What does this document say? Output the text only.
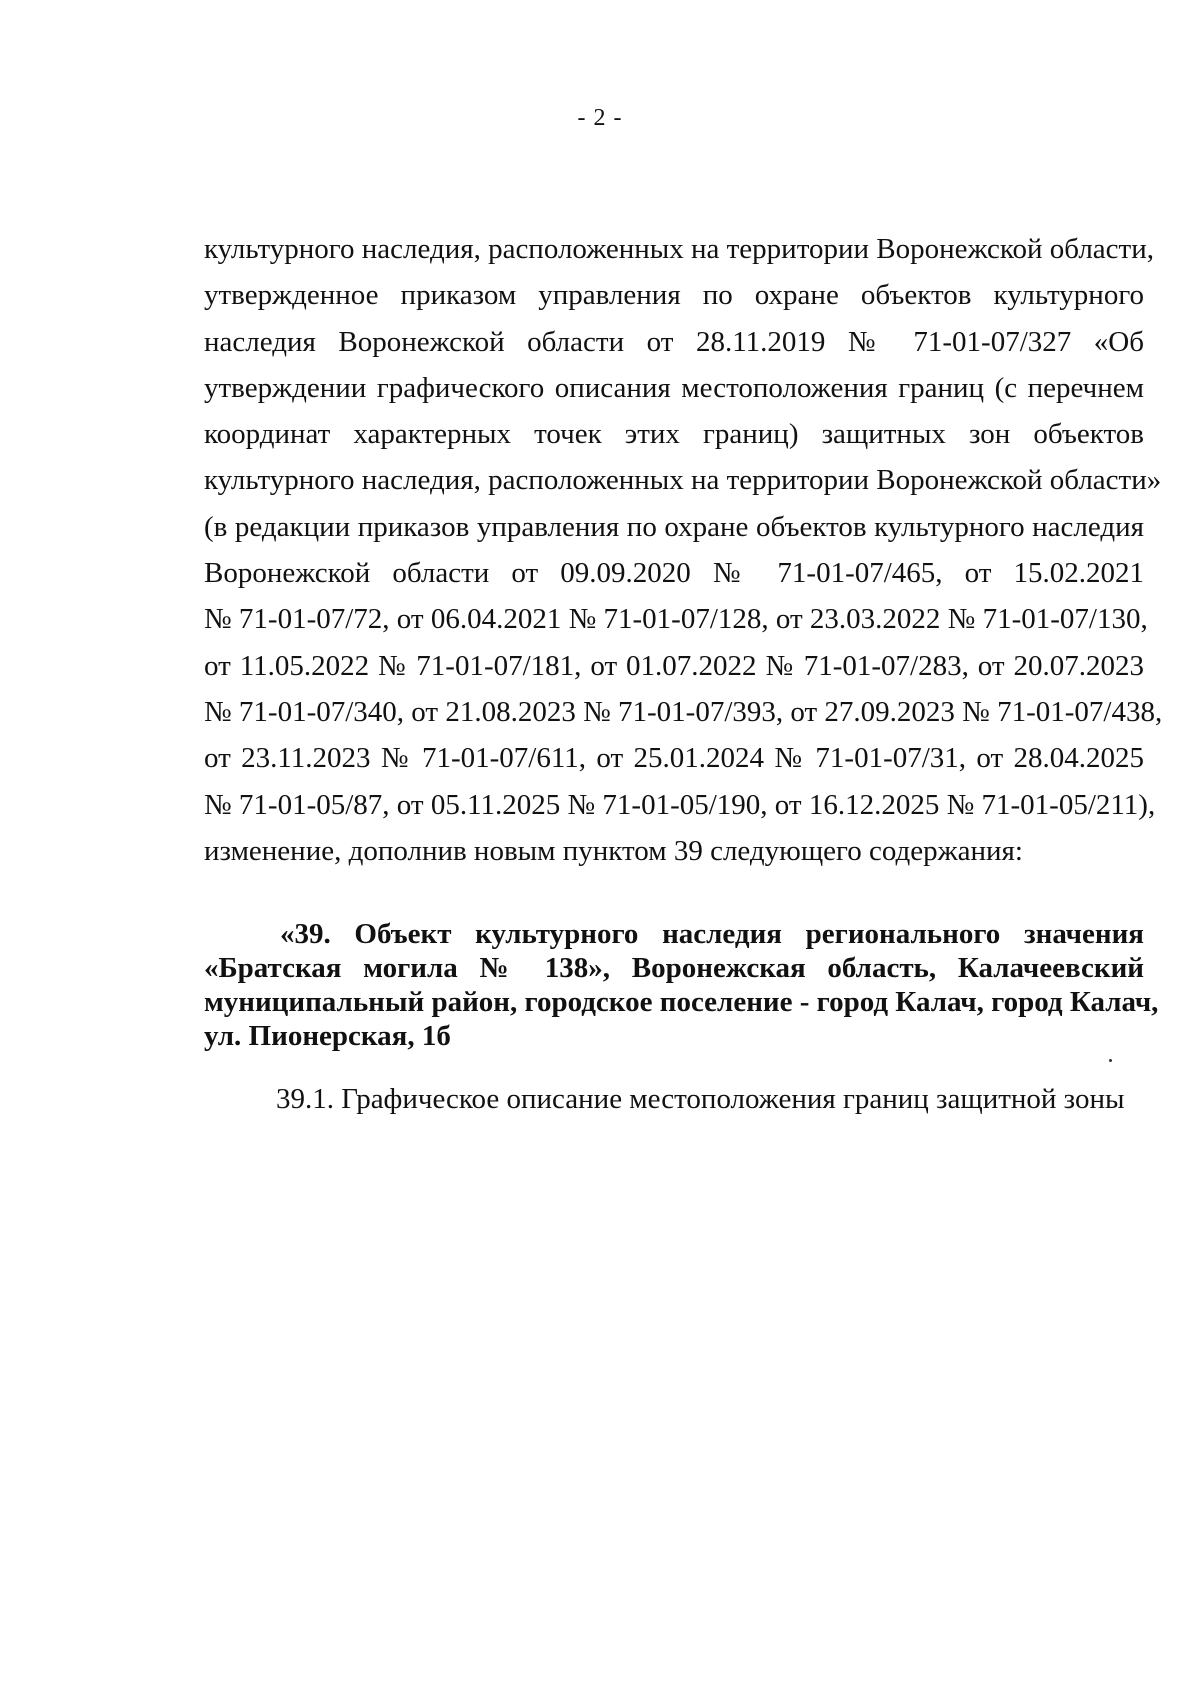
- 2 -
культурного наследия, расположенных на территории Воронежской области,
утвержденное приказом управления по охране объектов культурного
наследия Воронежской области от 28.11.2019 № 71-01-07/327 «Об
утверждении графического описания местоположения границ (с перечнем
координат характерных точек этих границ) защитных зон объектов
культурного наследия, расположенных на территории Воронежской области»
(в редакции приказов управления по охране объектов культурного наследия
Воронежской области от 09.09.2020 № 71-01-07/465, от 15.02.2021
№ 71-01-07/72, от 06.04.2021 № 71-01-07/128, от 23.03.2022 № 71-01-07/130,
от 11.05.2022 № 71-01-07/181, от 01.07.2022 № 71-01-07/283, от 20.07.2023
№ 71-01-07/340, от 21.08.2023 № 71-01-07/393, от 27.09.2023 № 71-01-07/438,
от 23.11.2023 № 71-01-07/611, от 25.01.2024 № 71-01-07/31, от 28.04.2025
№ 71-01-05/87, от 05.11.2025 № 71-01-05/190, от 16.12.2025 № 71-01-05/211),
изменение, дополнив новым пунктом 39 следующего содержания:
«39. Объект культурного наследия регионального значения
«Братская могила № 138», Воронежская область, Калачеевский
муниципальный район, городское поселение - город Калач, город Калач,
ул. Пионерская, 1б
39.1. Графическое описание местоположения границ защитной зоны
